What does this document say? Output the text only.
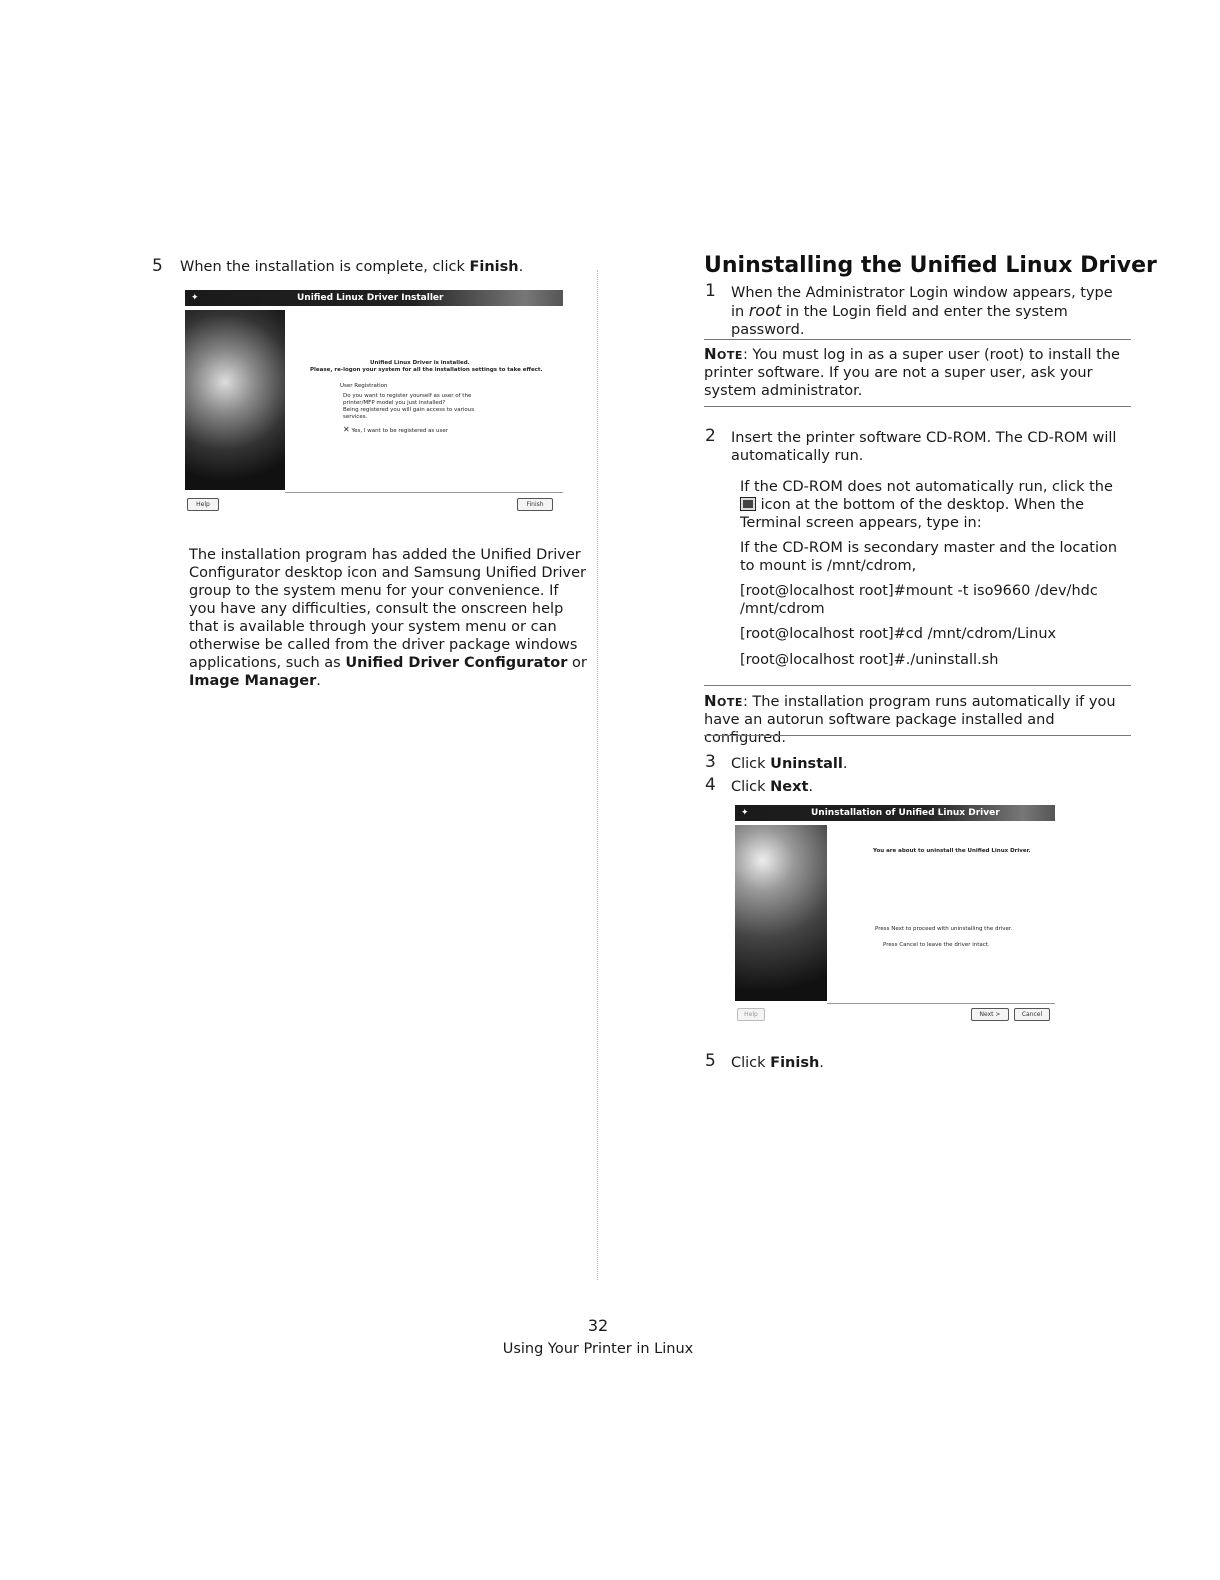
5 When the installation is complete, click Finish.
✦	Unified Linux Driver Installer
Unified Linux Driver is installed.
Please, re-logon your system for all the installation settings to take effect.
User Registration
Do you want to register yourself as user of the
printer/MFP model you just installed?
Being registered you will gain access to various
services.
✕ Yes, I want to be registered as user
Help	Finish
The installation program has added the Unified Driver Configurator desktop icon and Samsung Unified Driver group to the system menu for your convenience. If you have any difficulties, consult the onscreen help that is available through your system menu or can otherwise be called from the driver package windows applications, such as Unified Driver Configurator or Image Manager.
Uninstalling the Unified Linux Driver
1 When the Administrator Login window appears, type in root in the Login field and enter the system password.
Note: You must log in as a super user (root) to install the printer software. If you are not a super user, ask your system administrator.
2 Insert the printer software CD-ROM. The CD-ROM will automatically run.
If the CD-ROM does not automatically run, click the  icon at the bottom of the desktop. When the Terminal screen appears, type in:
If the CD-ROM is secondary master and the location to mount is /mnt/cdrom,
[root@localhost root]#mount -t iso9660 /dev/hdc /mnt/cdrom
[root@localhost root]#cd /mnt/cdrom/Linux
[root@localhost root]#./uninstall.sh
Note: The installation program runs automatically if you have an autorun software package installed and configured.
3 Click Uninstall.
4 Click Next.
✦	Uninstallation of Unified Linux Driver
You are about to uninstall the Unified Linux Driver.
Press Next to proceed with uninstalling the driver.
Press Cancel to leave the driver intact.
Help	Next >	Cancel
5 Click Finish.
32
Using Your Printer in Linux
